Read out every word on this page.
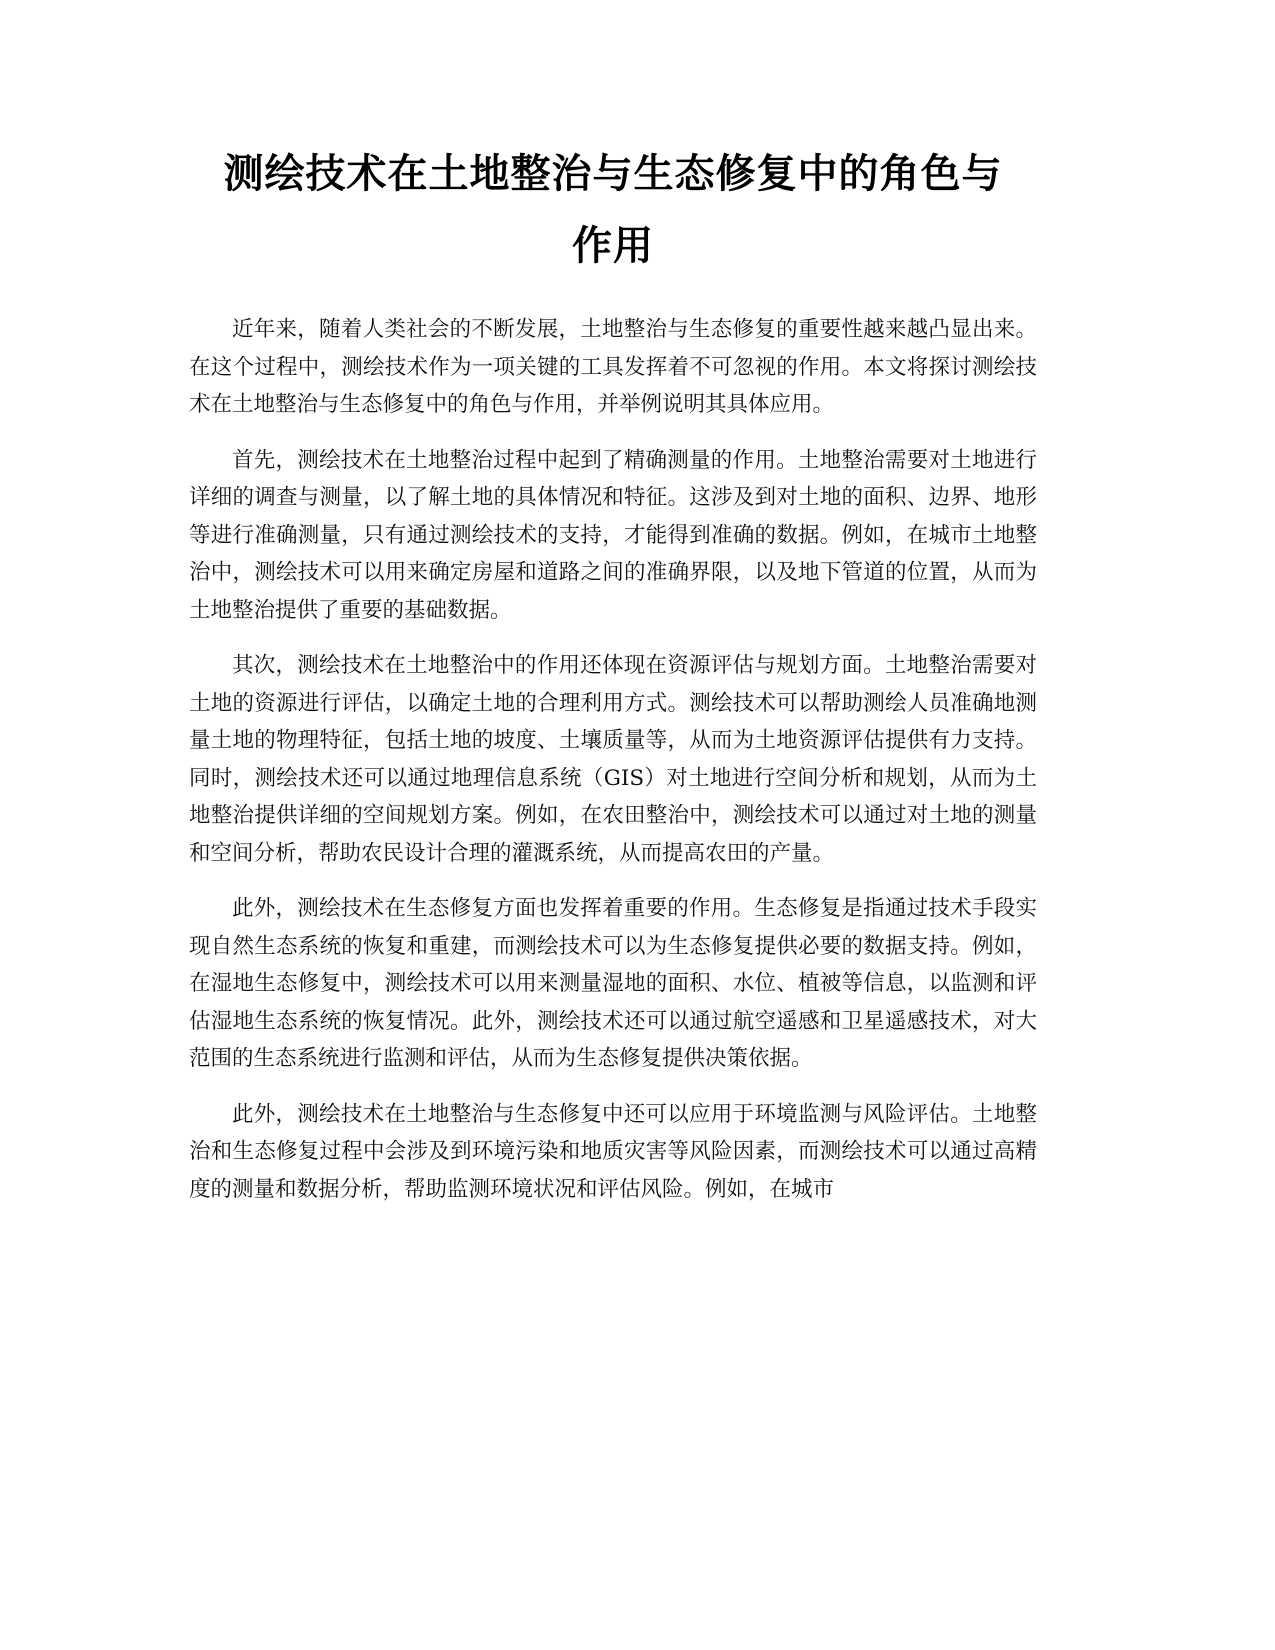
测绘技术在土地整治与生态修复中的角色与
作用

近年来，随着人类社会的不断发展，土地整治与生态修复的重要性越来越凸显出来。在这个过程中，测绘技术作为一项关键的工具发挥着不可忽视的作用。本文将探讨测绘技术在土地整治与生态修复中的角色与作用，并举例说明其具体应用。

首先，测绘技术在土地整治过程中起到了精确测量的作用。土地整治需要对土地进行详细的调查与测量，以了解土地的具体情况和特征。这涉及到对土地的面积、边界、地形等进行准确测量，只有通过测绘技术的支持，才能得到准确的数据。例如，在城市土地整治中，测绘技术可以用来确定房屋和道路之间的准确界限，以及地下管道的位置，从而为土地整治提供了重要的基础数据。

其次，测绘技术在土地整治中的作用还体现在资源评估与规划方面。土地整治需要对土地的资源进行评估，以确定土地的合理利用方式。测绘技术可以帮助测绘人员准确地测量土地的物理特征，包括土地的坡度、土壤质量等，从而为土地资源评估提供有力支持。同时，测绘技术还可以通过地理信息系统（GIS）对土地进行空间分析和规划，从而为土地整治提供详细的空间规划方案。例如，在农田整治中，测绘技术可以通过对土地的测量和空间分析，帮助农民设计合理的灌溉系统，从而提高农田的产量。

此外，测绘技术在生态修复方面也发挥着重要的作用。生态修复是指通过技术手段实现自然生态系统的恢复和重建，而测绘技术可以为生态修复提供必要的数据支持。例如，在湿地生态修复中，测绘技术可以用来测量湿地的面积、水位、植被等信息，以监测和评估湿地生态系统的恢复情况。此外，测绘技术还可以通过航空遥感和卫星遥感技术，对大范围的生态系统进行监测和评估，从而为生态修复提供决策依据。

此外，测绘技术在土地整治与生态修复中还可以应用于环境监测与风险评估。土地整治和生态修复过程中会涉及到环境污染和地质灾害等风险因素，而测绘技术可以通过高精度的测量和数据分析，帮助监测环境状况和评估风险。例如，在城市
